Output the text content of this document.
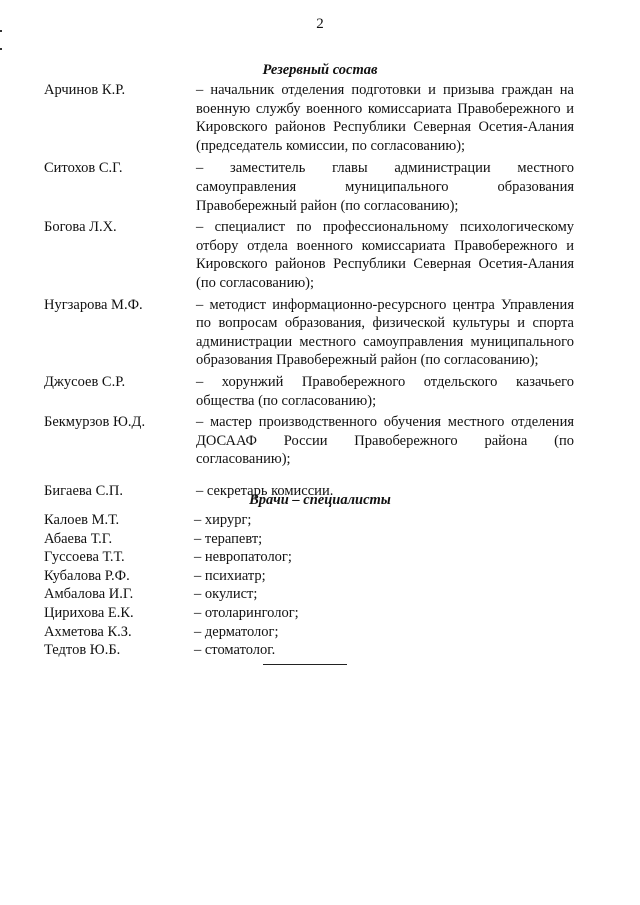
2
Резервный состав
Арчинов К.Р.	– начальник отделения подготовки и призыва граждан на военную службу военного комиссариата Правобережного и Кировского районов Республики Северная Осетия-Алания (председатель комиссии, по согласованию);
Ситохов С.Г.	– заместитель главы администрации местного самоуправления муниципального образования Правобережный район (по согласованию);
Богова Л.Х.	– специалист по профессиональному психологическому отбору отдела военного комиссариата Правобережного и Кировского районов Республики Северная Осетия-Алания (по согласованию);
Нугзарова М.Ф.	– методист информационно-ресурсного центра Управления по вопросам образования, физической культуры и спорта администрации местного самоуправления муниципального образования Правобережный район (по согласованию);
Джусоев С.Р.	– хорунжий Правобережного отдельского казачьего общества (по согласованию);
Бекмурзов Ю.Д.	– мастер производственного обучения местного отделения ДОСААФ России Правобережного района (по согласованию);
Бигаева С.П.	– секретарь комиссии.
Врачи – специалисты
Калоев М.Т.	– хирург;
Абаева Т.Г.	– терапевт;
Гуссоева Т.Т.	– невропатолог;
Кубалова Р.Ф.	– психиатр;
Амбалова И.Г.	– окулист;
Цирихова Е.К.	– отоларинголог;
Ахметова К.З.	– дерматолог;
Тедтов Ю.Б.	– стоматолог.
